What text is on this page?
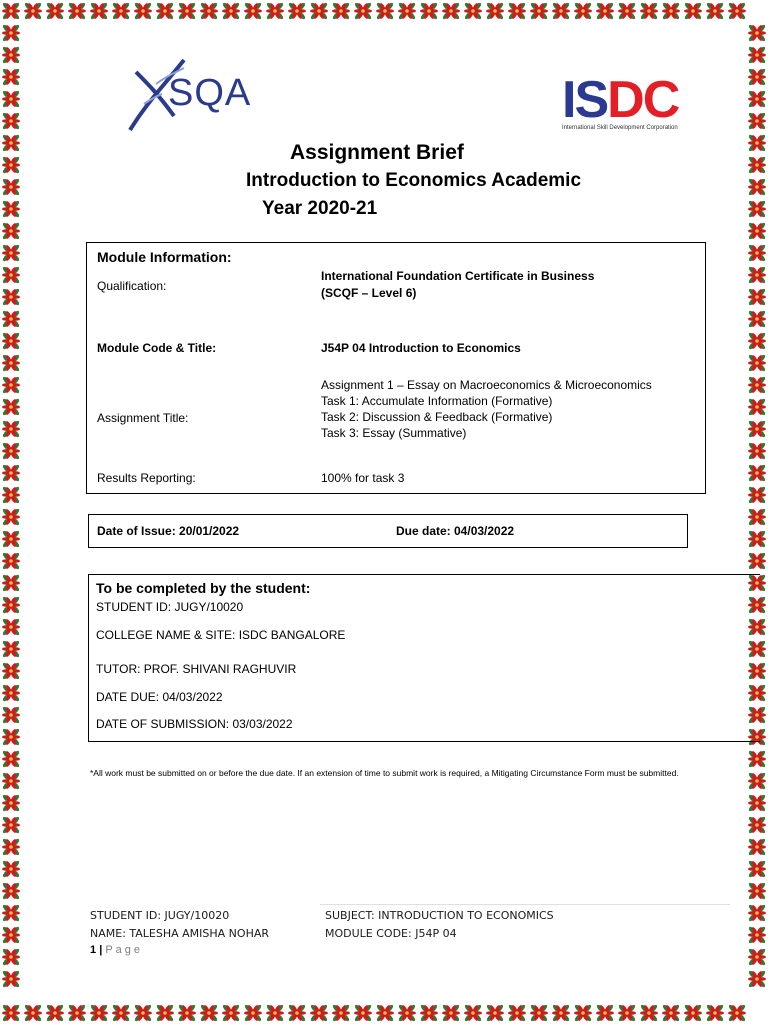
SQA	ISDC
International Skill Development Corporation
Assignment Brief
Introduction to Economics Academic
Year 2020-21
Module Information:
Qualification:
International Foundation Certificate in Business
(SCQF – Level 6)
Module Code & Title:	J54P 04 Introduction to Economics
Assignment Title:
Assignment 1 – Essay on Macroeconomics & Microeconomics
Task 1: Accumulate Information (Formative)
Task 2: Discussion & Feedback (Formative)
Task 3: Essay (Summative)
Results Reporting:	100% for task 3
Date of Issue: 20/01/2022	Due date: 04/03/2022
To be completed by the student:
STUDENT ID: JUGY/10020
COLLEGE NAME & SITE: ISDC BANGALORE
TUTOR: PROF. SHIVANI RAGHUVIR
DATE DUE: 04/03/2022
DATE OF SUBMISSION: 03/03/2022
*All work must be submitted on or before the due date. If an extension of time to submit work is required, a Mitigating Circumstance Form must be submitted.
STUDENT ID: JUGY/10020
NAME: TALESHA AMISHA NOHAR
SUBJECT: INTRODUCTION TO ECONOMICS
MODULE CODE: J54P 04
1 | Page
